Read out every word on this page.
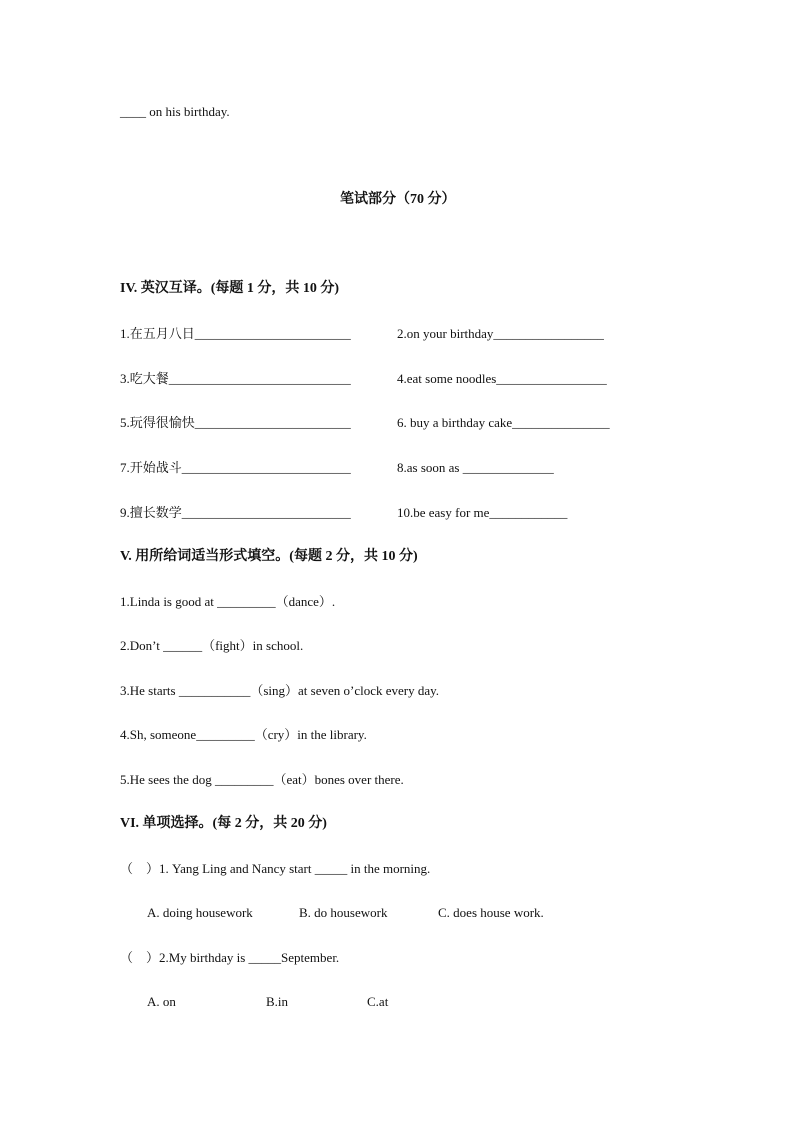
____ on his birthday.
笔试部分（70 分）
IV. 英汉互译。(每题 1 分，共 10 分)
1.在五月八日________________________	2.on your birthday_________________
3.吃大餐____________________________	4.eat some noodles_________________
5.玩得很愉快________________________	6. buy a birthday cake_______________
7.开始战斗__________________________	8.as soon as ______________
9.擅长数学__________________________	10.be easy for me____________
V. 用所给词适当形式填空。(每题 2 分，共 10 分)
1.Linda is good at _________（dance）.
2.Don’t ______（fight）in school.
3.He starts ___________（sing）at seven o’clock every day.
4.Sh, someone_________（cry）in the library.
5.He sees the dog _________（eat）bones over there.
VI. 单项选择。(每 2 分，共 20 分)
（　）1. Yang Ling and Nancy start _____ in the morning.
A. doing housework	B. do housework	C. does house work.
（　）2.My birthday is _____September.
A. on	B.in	C.at
